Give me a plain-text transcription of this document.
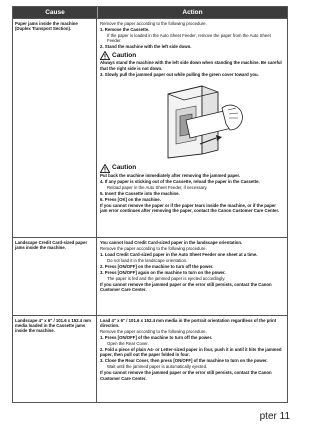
Cause	Action
Paper jams inside the machine (Duplex Transport Section).
Remove the paper according to the following procedure.
1. Remove the Cassette.
If the paper is loaded in the Auto Sheet Feeder, remove the paper from the Auto Sheet Feeder.
2. Stand the machine with the left side down.
Caution
Always stand the machine with the left side down when standing the machine. Be careful that the right side is not down.
3. Slowly pull the jammed paper out while pulling the green cover toward you.
Caution
Put back the machine immediately after removing the jammed paper.
4. If any paper is sticking out of the Cassette, reload the paper in the Cassette.
Reload paper in the Auto Sheet Feeder, if necessary.
5. Insert the Cassette into the machine.
6. Press [OK] on the machine.
If you cannot remove the paper or if the paper tears inside the machine, or if the paper jam error continues after removing the paper, contact the Canon Customer Care Center.
Landscape Credit Card-sized paper jams inside the machine.
You cannot load Credit Card-sized paper in the landscape orientation.
Remove the paper according to the following procedure.
1. Load Credit Card-sized paper in the Auto Sheet Feeder one sheet at a time.
Do not load it in the landscape orientation.
2. Press [ON/OFF] on the machine to turn off the power.
3. Press [ON/OFF] again on the machine to turn on the power.
The paper is fed and the jammed paper is ejected accordingly.
If you cannot remove the jammed paper or the error still persists, contact the Canon Customer Care Center.
Landscape 4" x 6" / 101.6 x 152.4 mm media loaded in the Cassette jams inside the machine.
Load 4" x 6" / 101.6 x 152.4 mm media in the portrait orientation regardless of the print direction.
Remove the paper according to the following procedure.
1. Press [ON/OFF] of the machine to turn off the power.
Open the Rear Cover.
2. Fold a piece of plain A4- or Letter-sized paper in four, push it in until it hits the jammed paper, then pull out the paper folded in four.
3. Close the Rear Cover, then press [ON/OFF] of the machine to turn on the power.
Wait until the jammed paper is automatically ejected.
If you cannot remove the jammed paper or the error still persists, contact the Canon Customer Care Center.
pter 11
